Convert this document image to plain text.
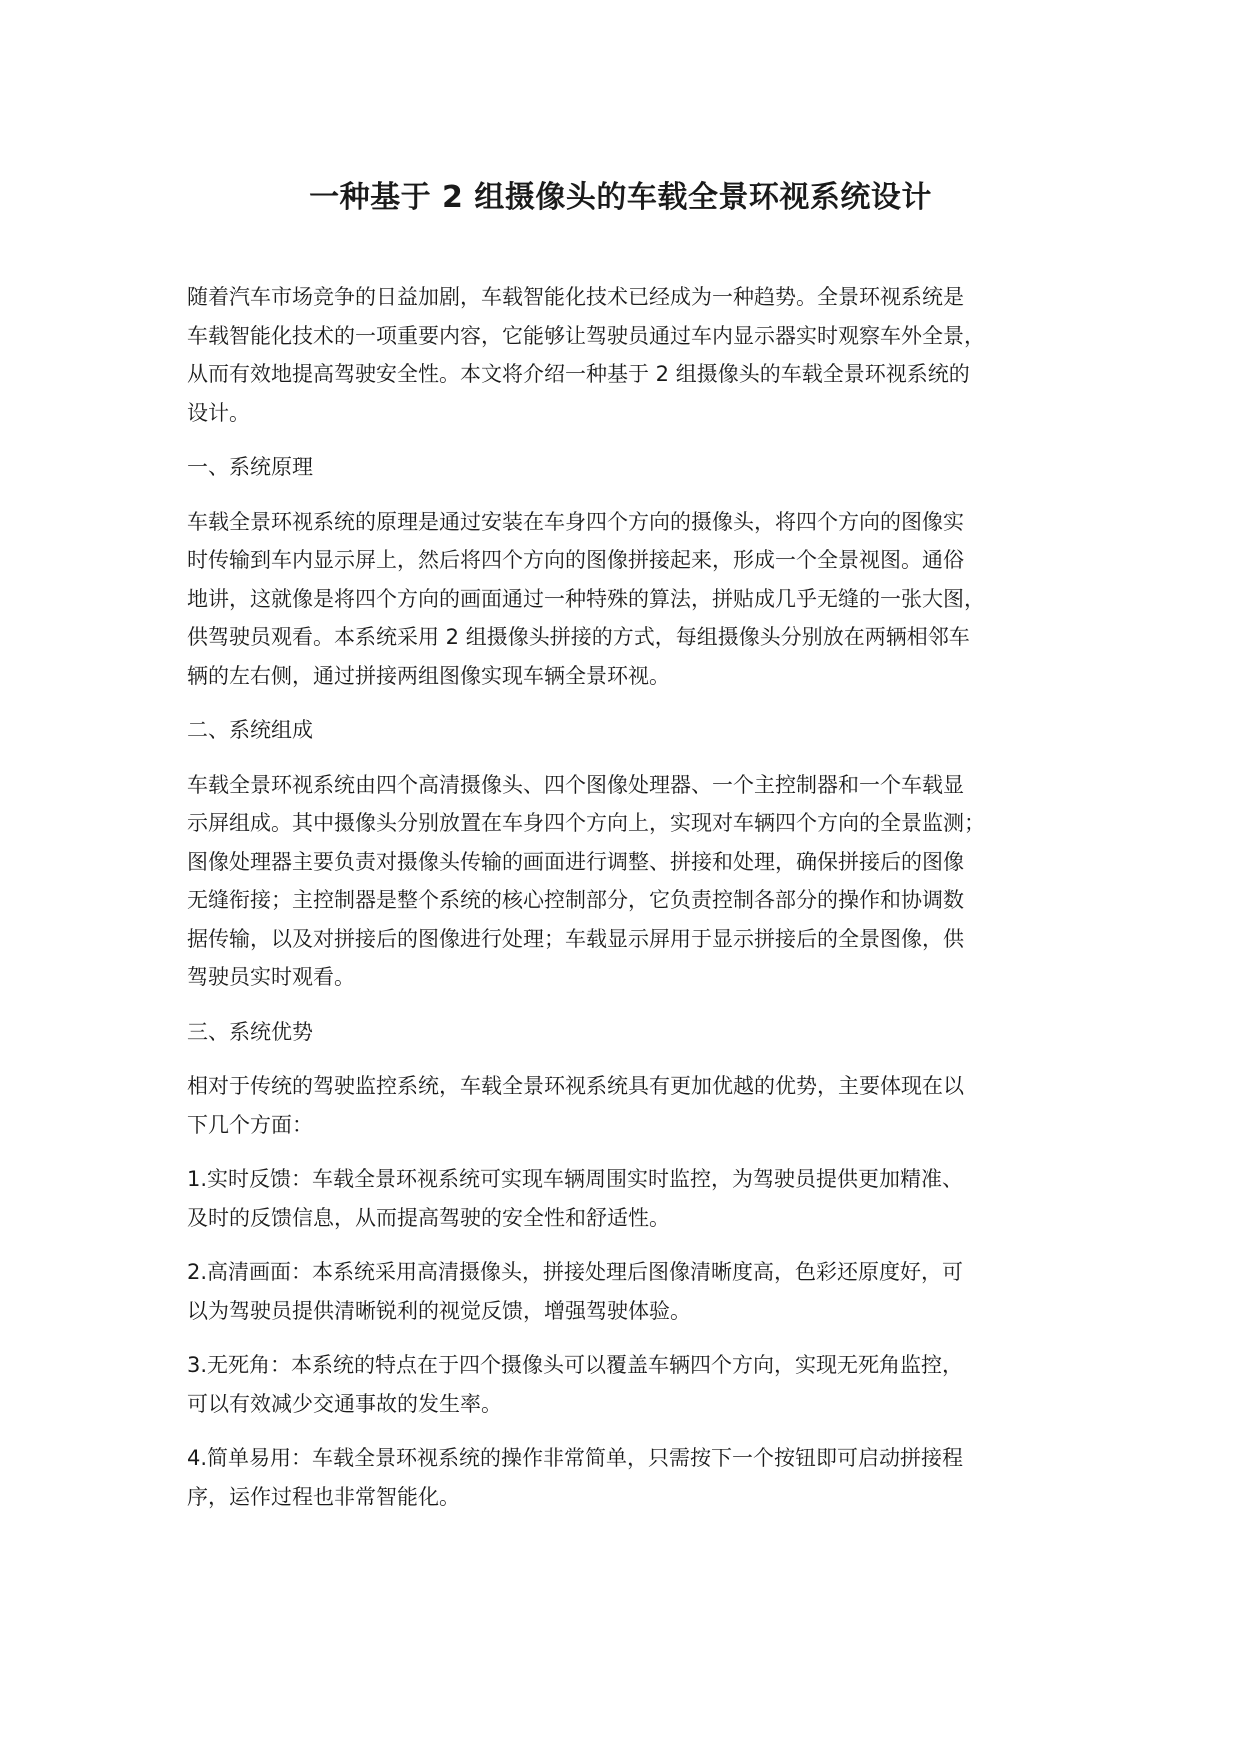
一种基于 2 组摄像头的车载全景环视系统设计
随着汽车市场竞争的日益加剧，车载智能化技术已经成为一种趋势。全景环视系统是
车载智能化技术的一项重要内容，它能够让驾驶员通过车内显示器实时观察车外全景，
从而有效地提高驾驶安全性。本文将介绍一种基于 2 组摄像头的车载全景环视系统的
设计。
一、系统原理
车载全景环视系统的原理是通过安装在车身四个方向的摄像头，将四个方向的图像实
时传输到车内显示屏上，然后将四个方向的图像拼接起来，形成一个全景视图。通俗
地讲，这就像是将四个方向的画面通过一种特殊的算法，拼贴成几乎无缝的一张大图，
供驾驶员观看。本系统采用 2 组摄像头拼接的方式，每组摄像头分别放在两辆相邻车
辆的左右侧，通过拼接两组图像实现车辆全景环视。
二、系统组成
车载全景环视系统由四个高清摄像头、四个图像处理器、一个主控制器和一个车载显
示屏组成。其中摄像头分别放置在车身四个方向上，实现对车辆四个方向的全景监测；
图像处理器主要负责对摄像头传输的画面进行调整、拼接和处理，确保拼接后的图像
无缝衔接；主控制器是整个系统的核心控制部分，它负责控制各部分的操作和协调数
据传输，以及对拼接后的图像进行处理；车载显示屏用于显示拼接后的全景图像，供
驾驶员实时观看。
三、系统优势
相对于传统的驾驶监控系统，车载全景环视系统具有更加优越的优势，主要体现在以
下几个方面：
1.实时反馈：车载全景环视系统可实现车辆周围实时监控，为驾驶员提供更加精准、
及时的反馈信息，从而提高驾驶的安全性和舒适性。
2.高清画面：本系统采用高清摄像头，拼接处理后图像清晰度高，色彩还原度好，可
以为驾驶员提供清晰锐利的视觉反馈，增强驾驶体验。
3.无死角：本系统的特点在于四个摄像头可以覆盖车辆四个方向，实现无死角监控，
可以有效减少交通事故的发生率。
4.简单易用：车载全景环视系统的操作非常简单，只需按下一个按钮即可启动拼接程
序，运作过程也非常智能化。
